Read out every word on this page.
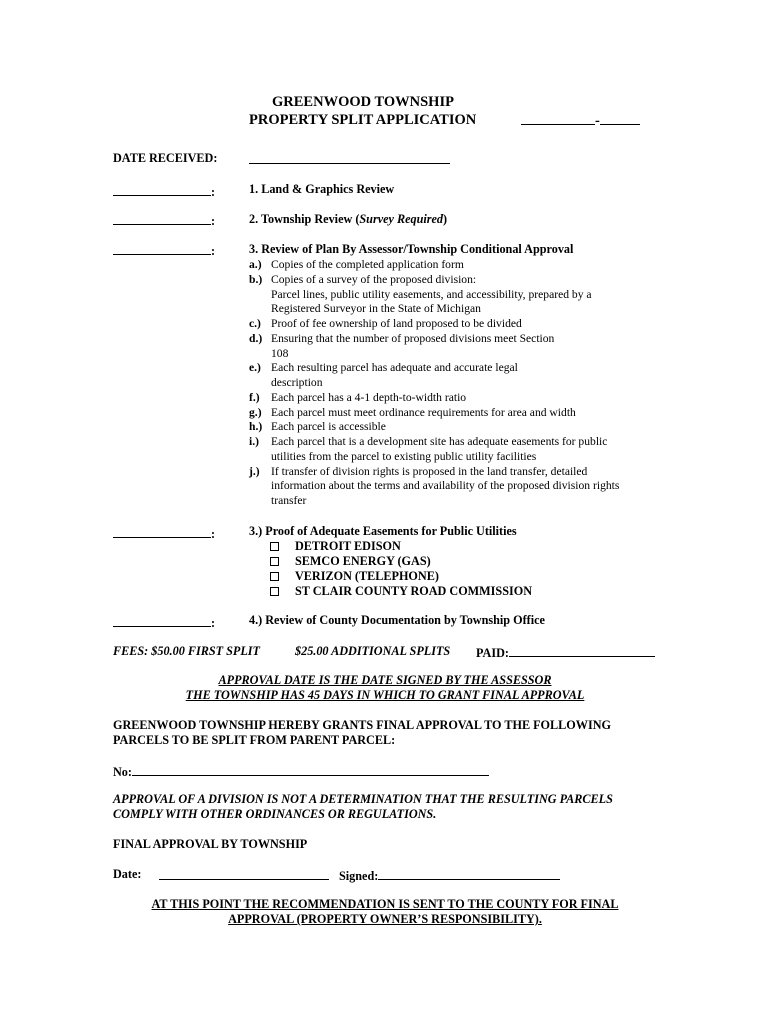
GREENWOOD TOWNSHIP
PROPERTY SPLIT APPLICATION	-
DATE RECEIVED:
:	1. Land & Graphics Review
:	2. Township Review (Survey Required)
:	3. Review of Plan By Assessor/Township Conditional Approval
a.) Copies of the completed application form
b.) Copies of a survey of the proposed division:
Parcel lines, public utility easements, and accessibility, prepared by a
Registered Surveyor in the State of Michigan
c.) Proof of fee ownership of land proposed to be divided
d.) Ensuring that the number of proposed divisions meet Section
108
e.) Each resulting parcel has adequate and accurate legal
description
f.) Each parcel has a 4-1 depth-to-width ratio
g.) Each parcel must meet ordinance requirements for area and width
h.) Each parcel is accessible
i.)	Each parcel that is a development site has adequate easements for public
utilities from the parcel to existing public utility facilities
j.) If transfer of division rights is proposed in the land transfer, detailed
information about the terms and availability of the proposed division rights
transfer
:	3.) Proof of Adequate Easements for Public Utilities
DETROIT EDISON
SEMCO ENERGY (GAS)
VERIZON (TELEPHONE)
ST CLAIR COUNTY ROAD COMMISSION
:	4.) Review of County Documentation by Township Office
FEES: $50.00 FIRST SPLIT	$25.00 ADDITIONAL SPLITS PAID:
APPROVAL DATE IS THE DATE SIGNED BY THE ASSESSOR
THE TOWNSHIP HAS 45 DAYS IN WHICH TO GRANT FINAL APPROVAL
GREENWOOD TOWNSHIP HEREBY GRANTS FINAL APPROVAL TO THE FOLLOWING
PARCELS TO BE SPLIT FROM PARENT PARCEL:
No:
APPROVAL OF A DIVISION IS NOT A DETERMINATION THAT THE RESULTING PARCELS
COMPLY WITH OTHER ORDINANCES OR REGULATIONS.
FINAL APPROVAL BY TOWNSHIP
Date:	Signed:
AT THIS POINT THE RECOMMENDATION IS SENT TO THE COUNTY FOR FINAL
APPROVAL (PROPERTY OWNER’S RESPONSIBILITY).
